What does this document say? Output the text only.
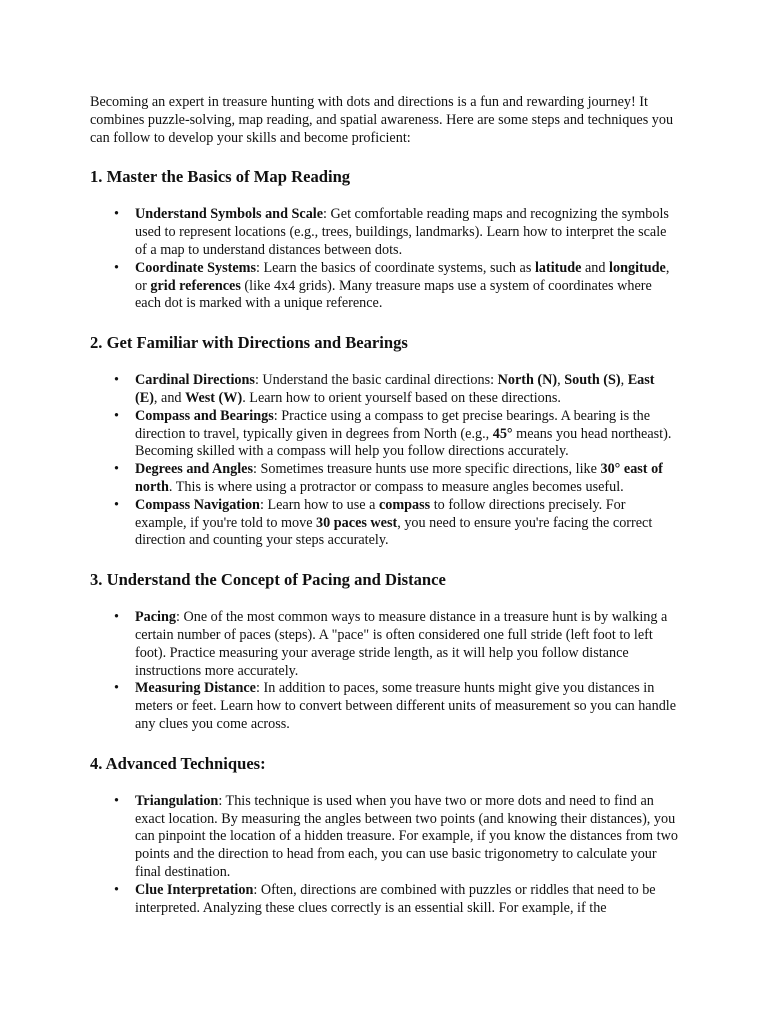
Becoming an expert in treasure hunting with dots and directions is a fun and rewarding journey! It combines puzzle-solving, map reading, and spatial awareness. Here are some steps and techniques you can follow to develop your skills and become proficient:

1. Master the Basics of Map Reading
• Understand Symbols and Scale: Get comfortable reading maps and recognizing the symbols used to represent locations (e.g., trees, buildings, landmarks). Learn how to interpret the scale of a map to understand distances between dots.
• Coordinate Systems: Learn the basics of coordinate systems, such as latitude and longitude, or grid references (like 4x4 grids). Many treasure maps use a system of coordinates where each dot is marked with a unique reference.
2. Get Familiar with Directions and Bearings
• Cardinal Directions: Understand the basic cardinal directions: North (N), South (S), East (E), and West (W). Learn how to orient yourself based on these directions.
• Compass and Bearings: Practice using a compass to get precise bearings. A bearing is the direction to travel, typically given in degrees from North (e.g., 45° means you head northeast). Becoming skilled with a compass will help you follow directions accurately.
• Degrees and Angles: Sometimes treasure hunts use more specific directions, like 30° east of north. This is where using a protractor or compass to measure angles becomes useful.
• Compass Navigation: Learn how to use a compass to follow directions precisely. For example, if you're told to move 30 paces west, you need to ensure you're facing the correct direction and counting your steps accurately.
3. Understand the Concept of Pacing and Distance
• Pacing: One of the most common ways to measure distance in a treasure hunt is by walking a certain number of paces (steps). A "pace" is often considered one full stride (left foot to left foot). Practice measuring your average stride length, as it will help you follow distance instructions more accurately.
• Measuring Distance: In addition to paces, some treasure hunts might give you distances in meters or feet. Learn how to convert between different units of measurement so you can handle any clues you come across.
4. Advanced Techniques:
• Triangulation: This technique is used when you have two or more dots and need to find an exact location. By measuring the angles between two points (and knowing their distances), you can pinpoint the location of a hidden treasure. For example, if you know the distances from two points and the direction to head from each, you can use basic trigonometry to calculate your final destination.
• Clue Interpretation: Often, directions are combined with puzzles or riddles that need to be interpreted. Analyzing these clues correctly is an essential skill. For example, if the
